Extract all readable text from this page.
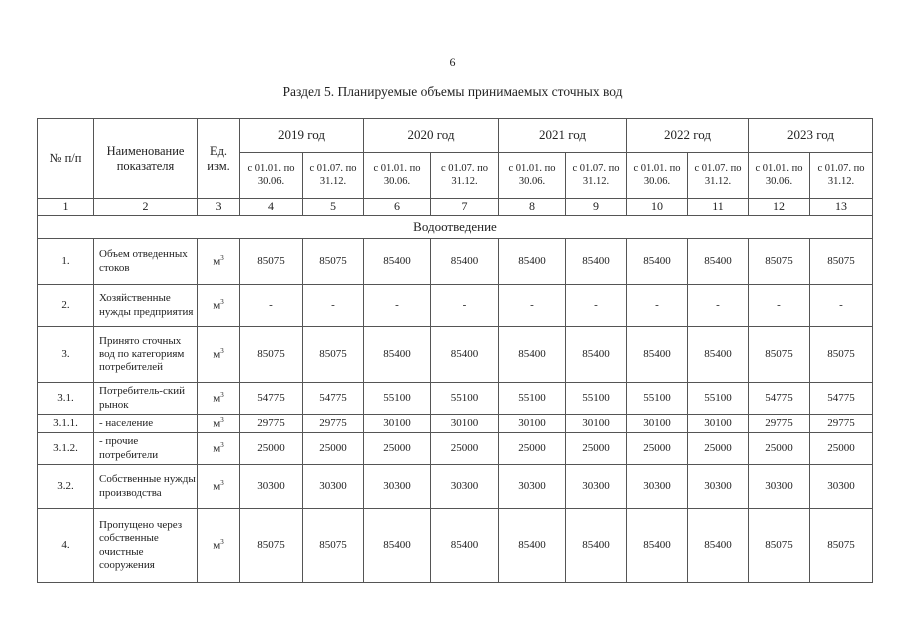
6
Раздел 5. Планируемые объемы принимаемых сточных вод
№ п/п	Наименование показателя	Ед. изм.	2019 год		2020 год		2021 год		2022 год		2023 год	
			с 01.01. по 30.06.	с 01.07. по 31.12.	с 01.01. по 30.06.	с 01.07. по 31.12.	с 01.01. по 30.06.	с 01.07. по 31.12.	с 01.01. по 30.06.	с 01.07. по 31.12.	с 01.01. по 30.06.	с 01.07. по 31.12.
1	2	3	4	5	6	7	8	9	10	11	12	13
Водоотведение												
1.	Объем отведенных стоков	$м^3$	85075	85075	85400	85400	85400	85400	85400	85400	85075	85075
2.	Хозяйственные нужды предприятия	$м^3$	-	-	-	-	-	-	-	-	-	-
3.	Принято сточных вод по категориям потребителей	$м^3$	85075	85075	85400	85400	85400	85400	85400	85400	85075	85075
3.1.	Потребитель-ский рынок	$м^3$	54775	54775	55100	55100	55100	55100	55100	55100	54775	54775
3.1.1.	- население	$м^3$	29775	29775	30100	30100	30100	30100	30100	30100	29775	29775
3.1.2.	- прочие потребители	$м^3$	25000	25000	25000	25000	25000	25000	25000	25000	25000	25000
3.2.	Собственные нужды производства	$м^3$	30300	30300	30300	30300	30300	30300	30300	30300	30300	30300
4.	Пропущено через собственные очистные сооружения	$м^3$	85075	85075	85400	85400	85400	85400	85400	85400	85075	85075
